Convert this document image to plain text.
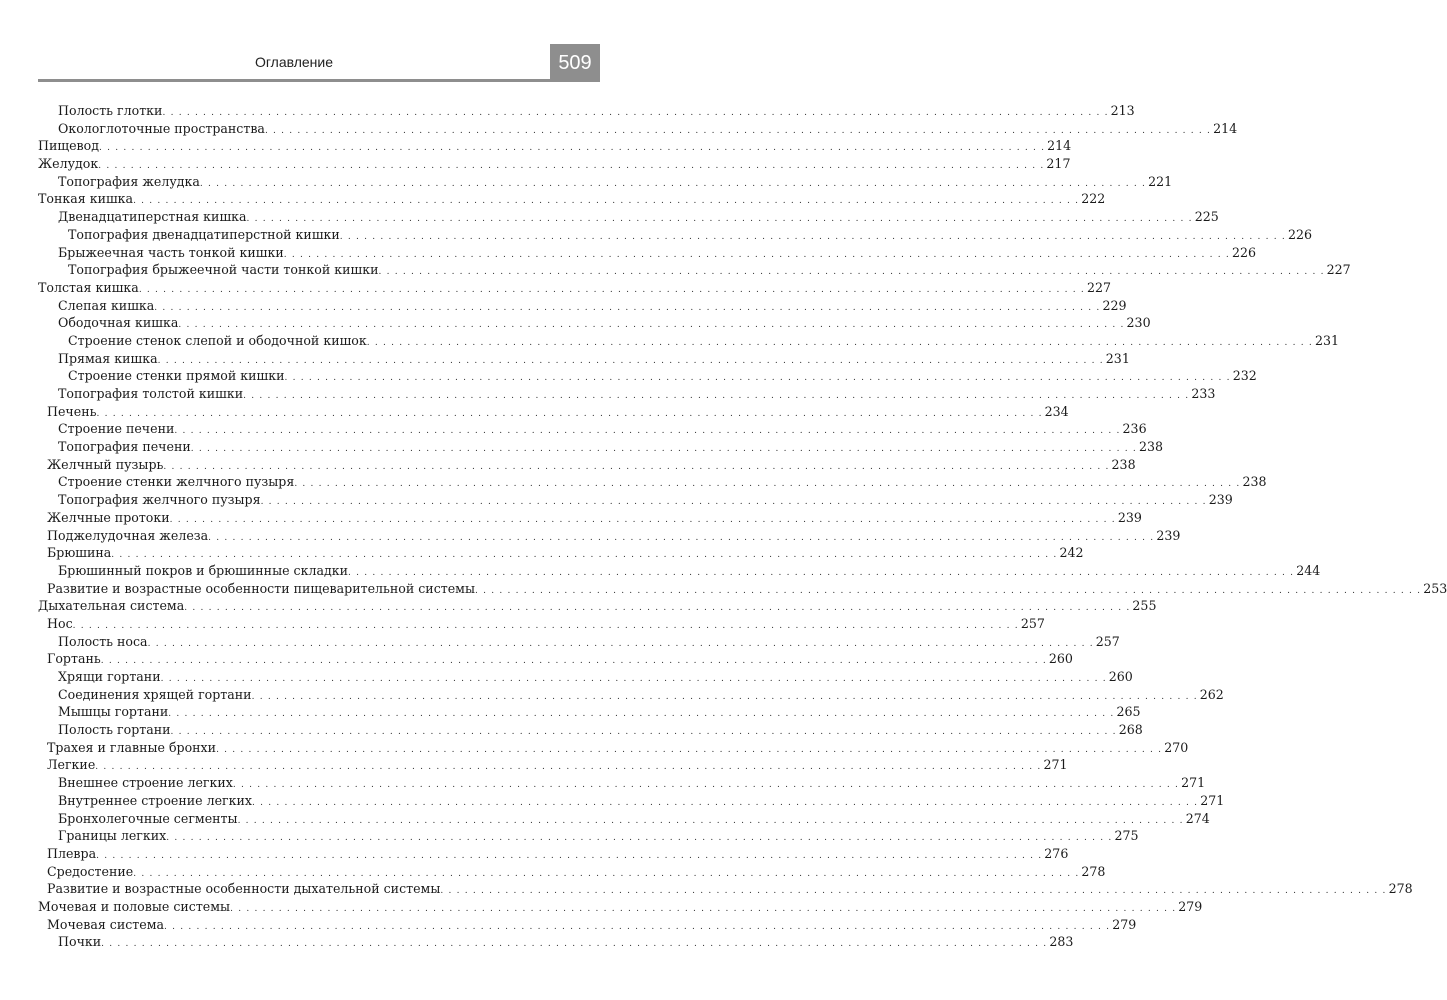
Оглавление	509
Полость глотки . . .	213
Окологлоточные пространства . . .	214
Пищевод . . .	214
Желудок . . .	217
Топография желудка . . .	221
Тонкая кишка . . .	222
Двенадцатиперстная кишка . . .	225
Топография двенадцатиперстной кишки . . .	226
Брыжеечная часть тонкой кишки . . .	226
Топография брыжеечной части тонкой кишки . . .	227
Толстая кишка . . .	227
Слепая кишка . . .	229
Ободочная кишка . . .	230
Строение стенок слепой и ободочной кишок . . .	231
Прямая кишка . . .	231
Строение стенки прямой кишки . . .	232
Топография толстой кишки . . .	233
Печень . . .	234
Строение печени . . .	236
Топография печени . . .	238
Желчный пузырь . . .	238
Строение стенки желчного пузыря . . .	238
Топография желчного пузыря . . .	239
Желчные протоки . . .	239
Поджелудочная железа . . .	239
Брюшина . . .	242
Брюшинный покров и брюшинные складки . . .	244
Развитие и возрастные особенности пищеварительной системы . . .	253
Дыхательная система . . .	255
Нос . . .	257
Полость носа . . .	257
Гортань . . .	260
Хрящи гортани . . .	260
Соединения хрящей гортани . . .	262
Мышцы гортани . . .	265
Полость гортани . . .	268
Трахея и главные бронхи . . .	270
Легкие . . .	271
Внешнее строение легких . . .	271
Внутреннее строение легких . . .	271
Бронхолегочные сегменты . . .	274
Границы легких . . .	275
Плевра . . .	276
Средостение . . .	278
Развитие и возрастные особенности дыхательной системы . . .	278
Мочевая и половые системы . . .	279
Мочевая система . . .	279
Почки . . .	283
